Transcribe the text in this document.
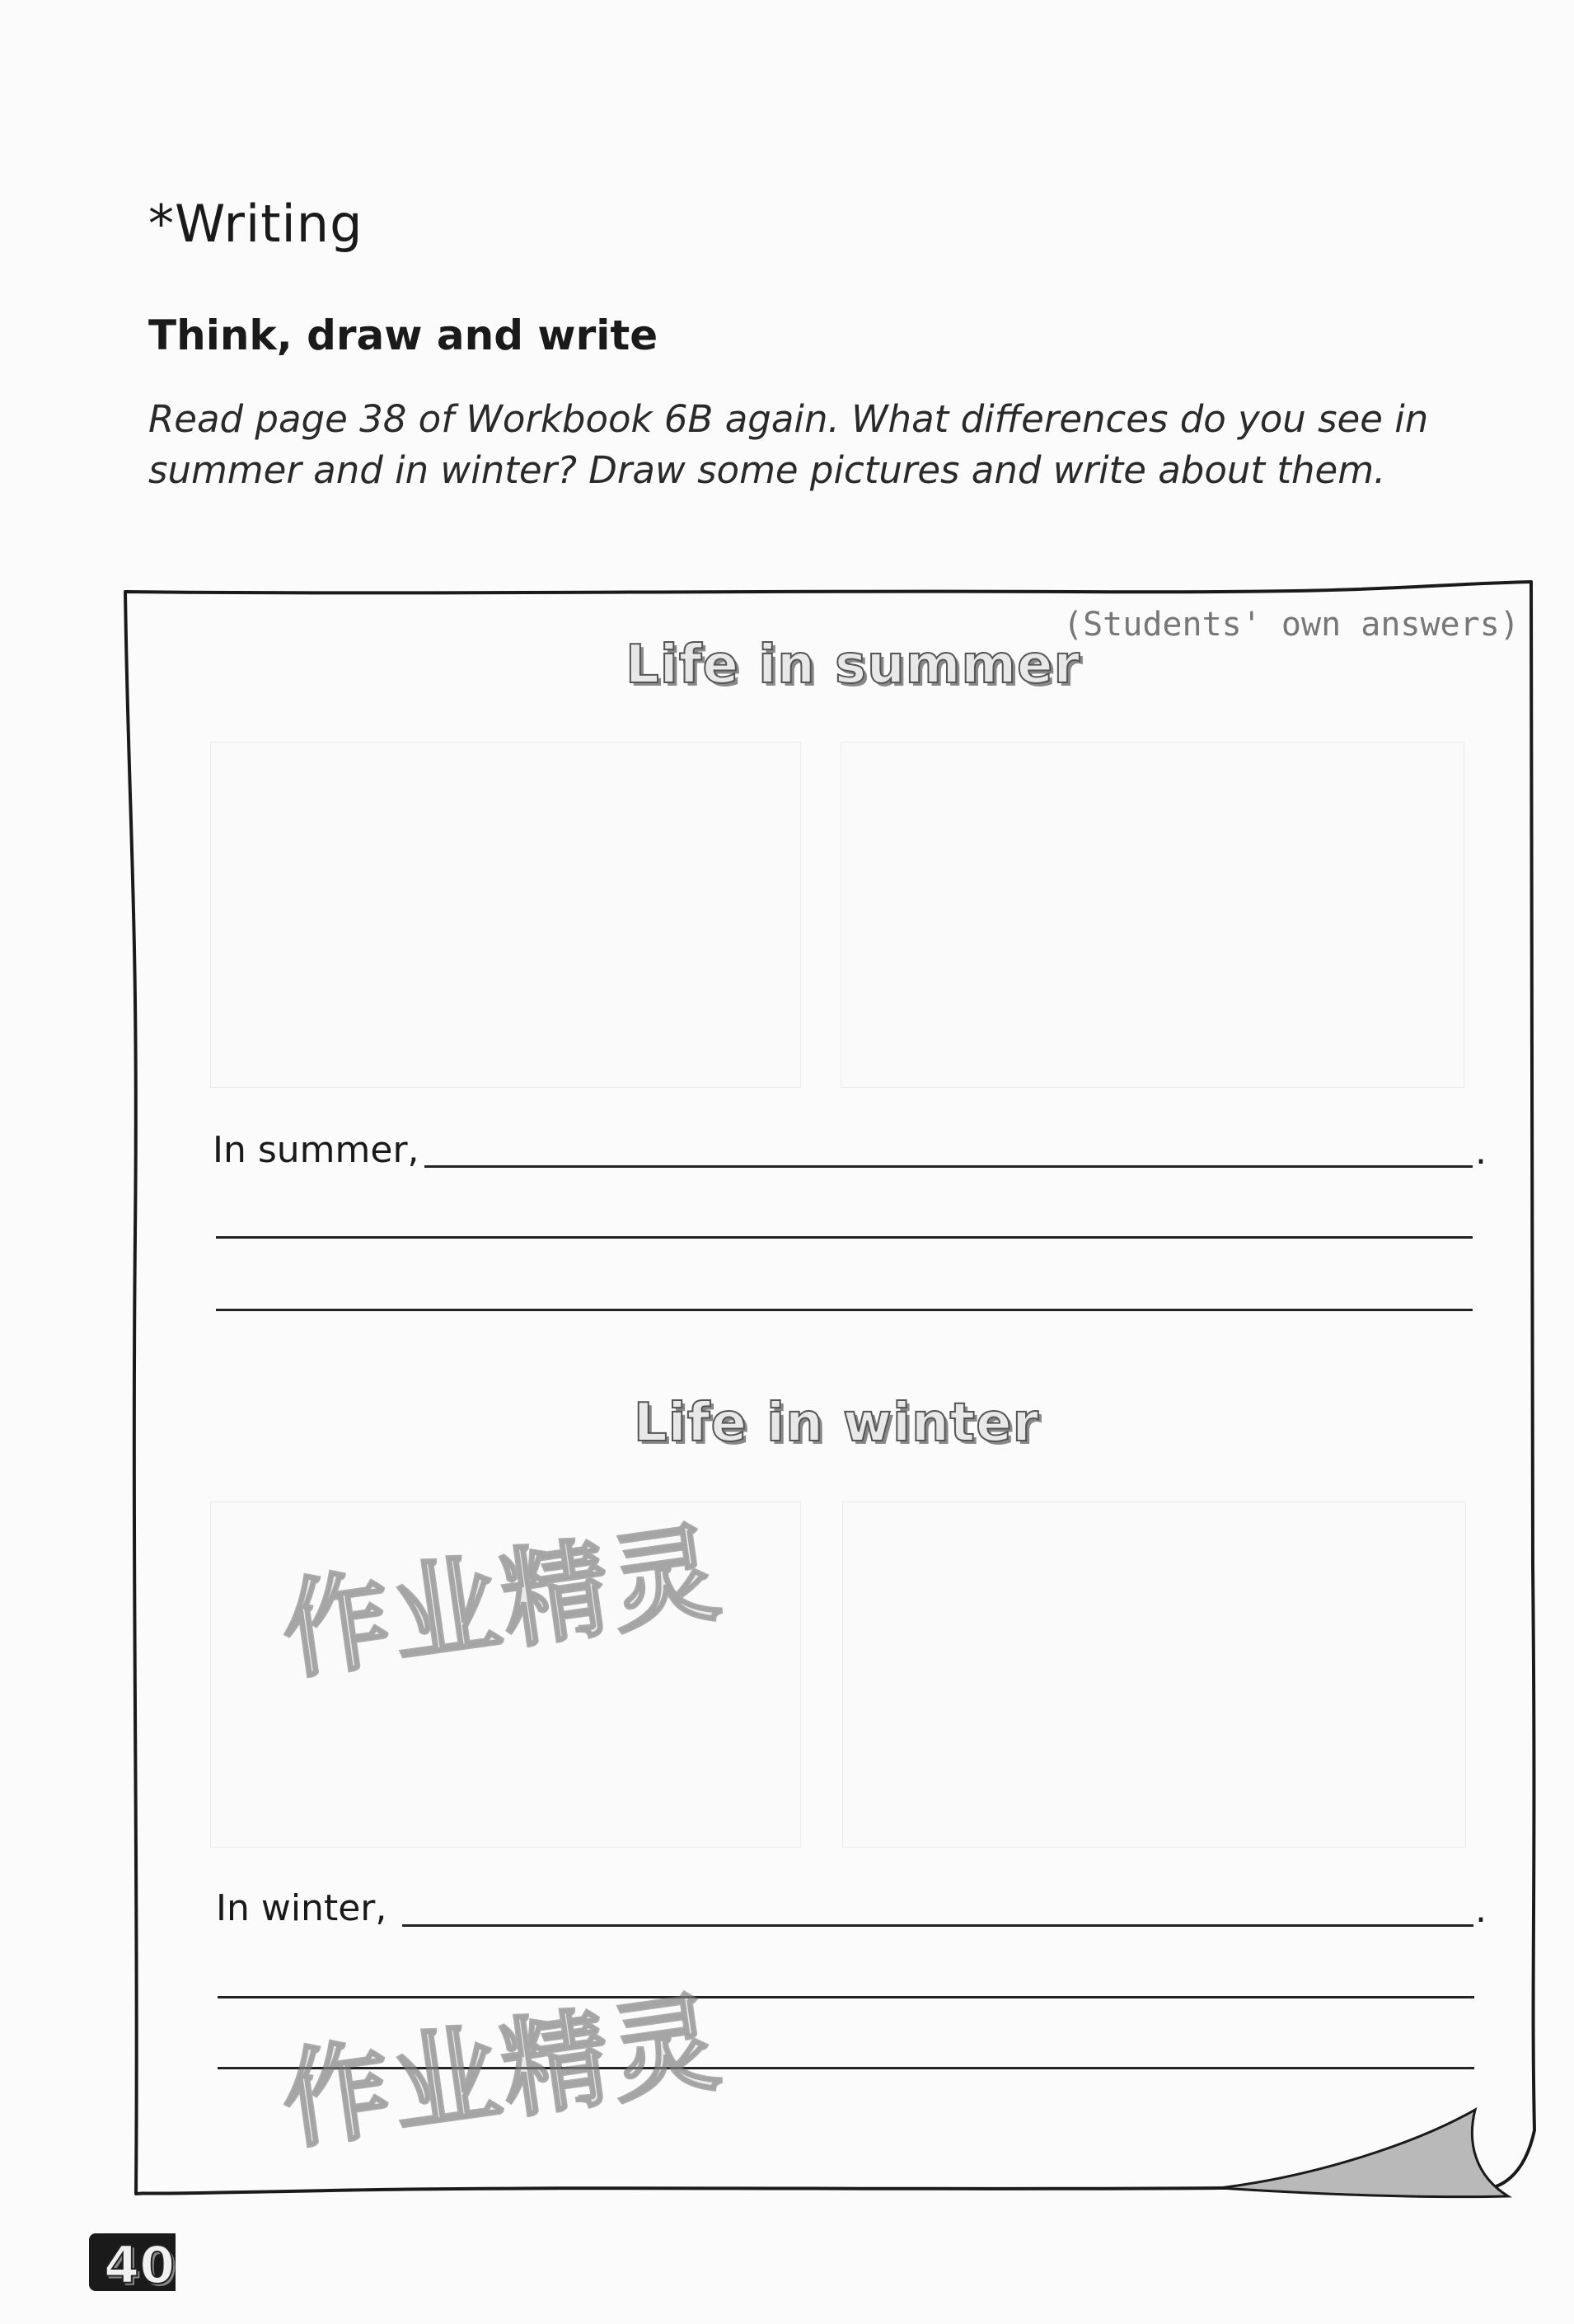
*Writing
Think, draw and write
Read page 38 of Workbook 6B again. What differences do you see in summer and in winter? Draw some pictures and write about them.
(Students' own answers)
Life in summer
In summer,	.
Life in winter
In winter,	.
作业精灵
作业精灵
40
